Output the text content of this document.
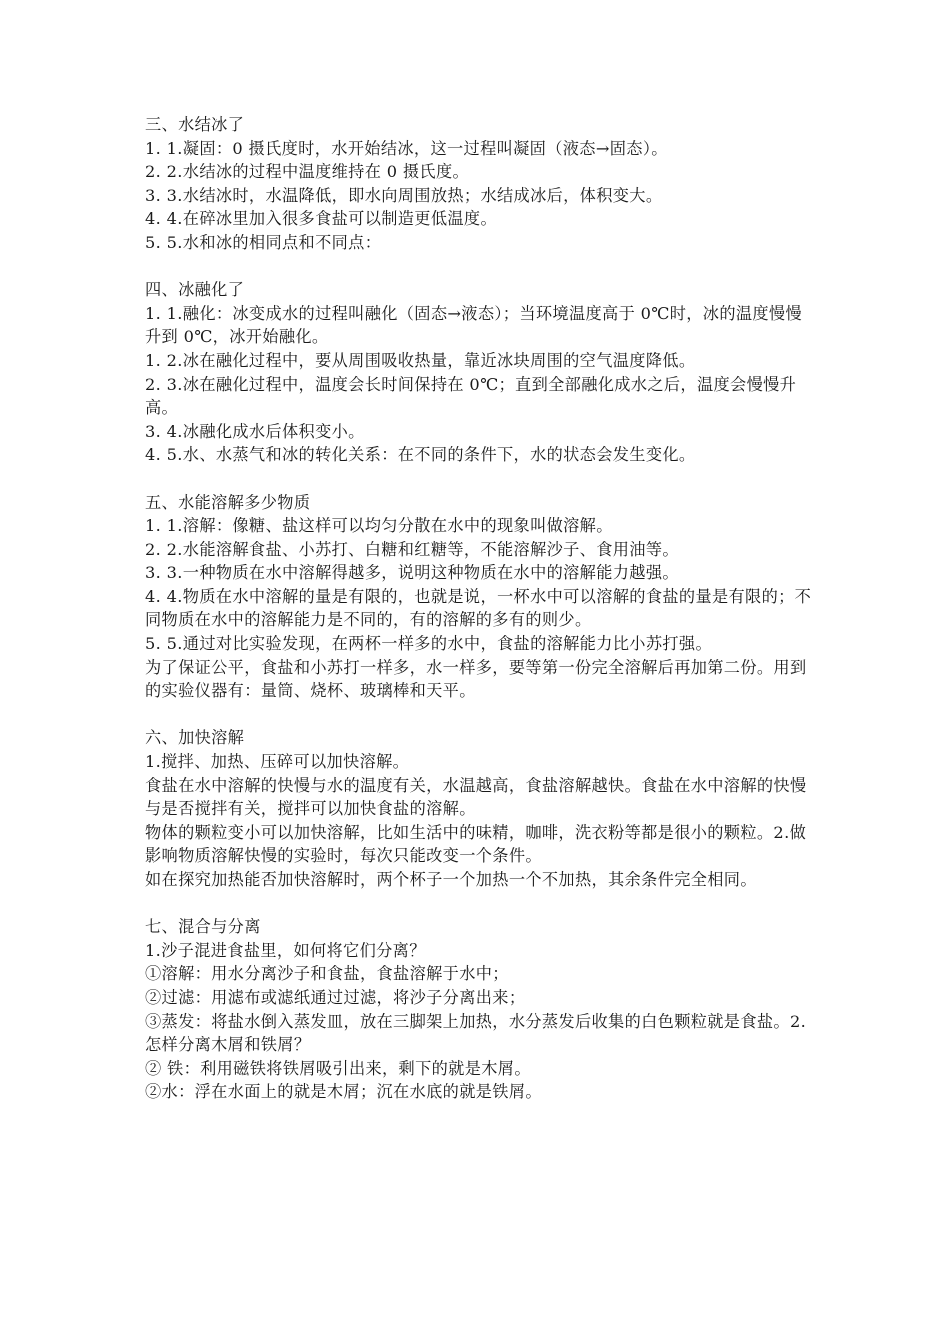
三、水结冰了

1. 1.凝固：0 摄氏度时，水开始结冰，这一过程叫凝固（液态→固态）。

2. 2.水结冰的过程中温度维持在 0 摄氏度。

3. 3.水结冰时，水温降低，即水向周围放热；水结成冰后，体积变大。

4. 4.在碎冰里加入很多食盐可以制造更低温度。

5. 5.水和冰的相同点和不同点：

四、冰融化了

1. 1.融化：冰变成水的过程叫融化（固态→液态）；当环境温度高于 0℃时，冰的温度慢慢升到 0℃，冰开始融化。

1. 2.冰在融化过程中，要从周围吸收热量，靠近冰块周围的空气温度降低。

2. 3.冰在融化过程中，温度会长时间保持在 0℃；直到全部融化成水之后，温度会慢慢升高。

3. 4.冰融化成水后体积变小。

4. 5.水、水蒸气和冰的转化关系：在不同的条件下，水的状态会发生变化。

五、水能溶解多少物质

1. 1.溶解：像糖、盐这样可以均匀分散在水中的现象叫做溶解。

2. 2.水能溶解食盐、小苏打、白糖和红糖等，不能溶解沙子、食用油等。

3. 3.一种物质在水中溶解得越多，说明这种物质在水中的溶解能力越强。

4. 4.物质在水中溶解的量是有限的，也就是说，一杯水中可以溶解的食盐的量是有限的；不同物质在水中的溶解能力是不同的，有的溶解的多有的则少。

5. 5.通过对比实验发现，在两杯一样多的水中，食盐的溶解能力比小苏打强。

为了保证公平，食盐和小苏打一样多，水一样多，要等第一份完全溶解后再加第二份。用到的实验仪器有：量筒、烧杯、玻璃棒和天平。

六、加快溶解

1.搅拌、加热、压碎可以加快溶解。

食盐在水中溶解的快慢与水的温度有关，水温越高，食盐溶解越快。食盐在水中溶解的快慢与是否搅拌有关，搅拌可以加快食盐的溶解。

物体的颗粒变小可以加快溶解，比如生活中的味精，咖啡，洗衣粉等都是很小的颗粒。2.做影响物质溶解快慢的实验时，每次只能改变一个条件。

如在探究加热能否加快溶解时，两个杯子一个加热一个不加热，其余条件完全相同。

七、混合与分离

1.沙子混进食盐里，如何将它们分离？

①溶解：用水分离沙子和食盐，食盐溶解于水中；

②过滤：用滤布或滤纸通过过滤，将沙子分离出来；

③蒸发：将盐水倒入蒸发皿，放在三脚架上加热，水分蒸发后收集的白色颗粒就是食盐。2.怎样分离木屑和铁屑？

② 铁：利用磁铁将铁屑吸引出来，剩下的就是木屑。

②水：浮在水面上的就是木屑；沉在水底的就是铁屑。
